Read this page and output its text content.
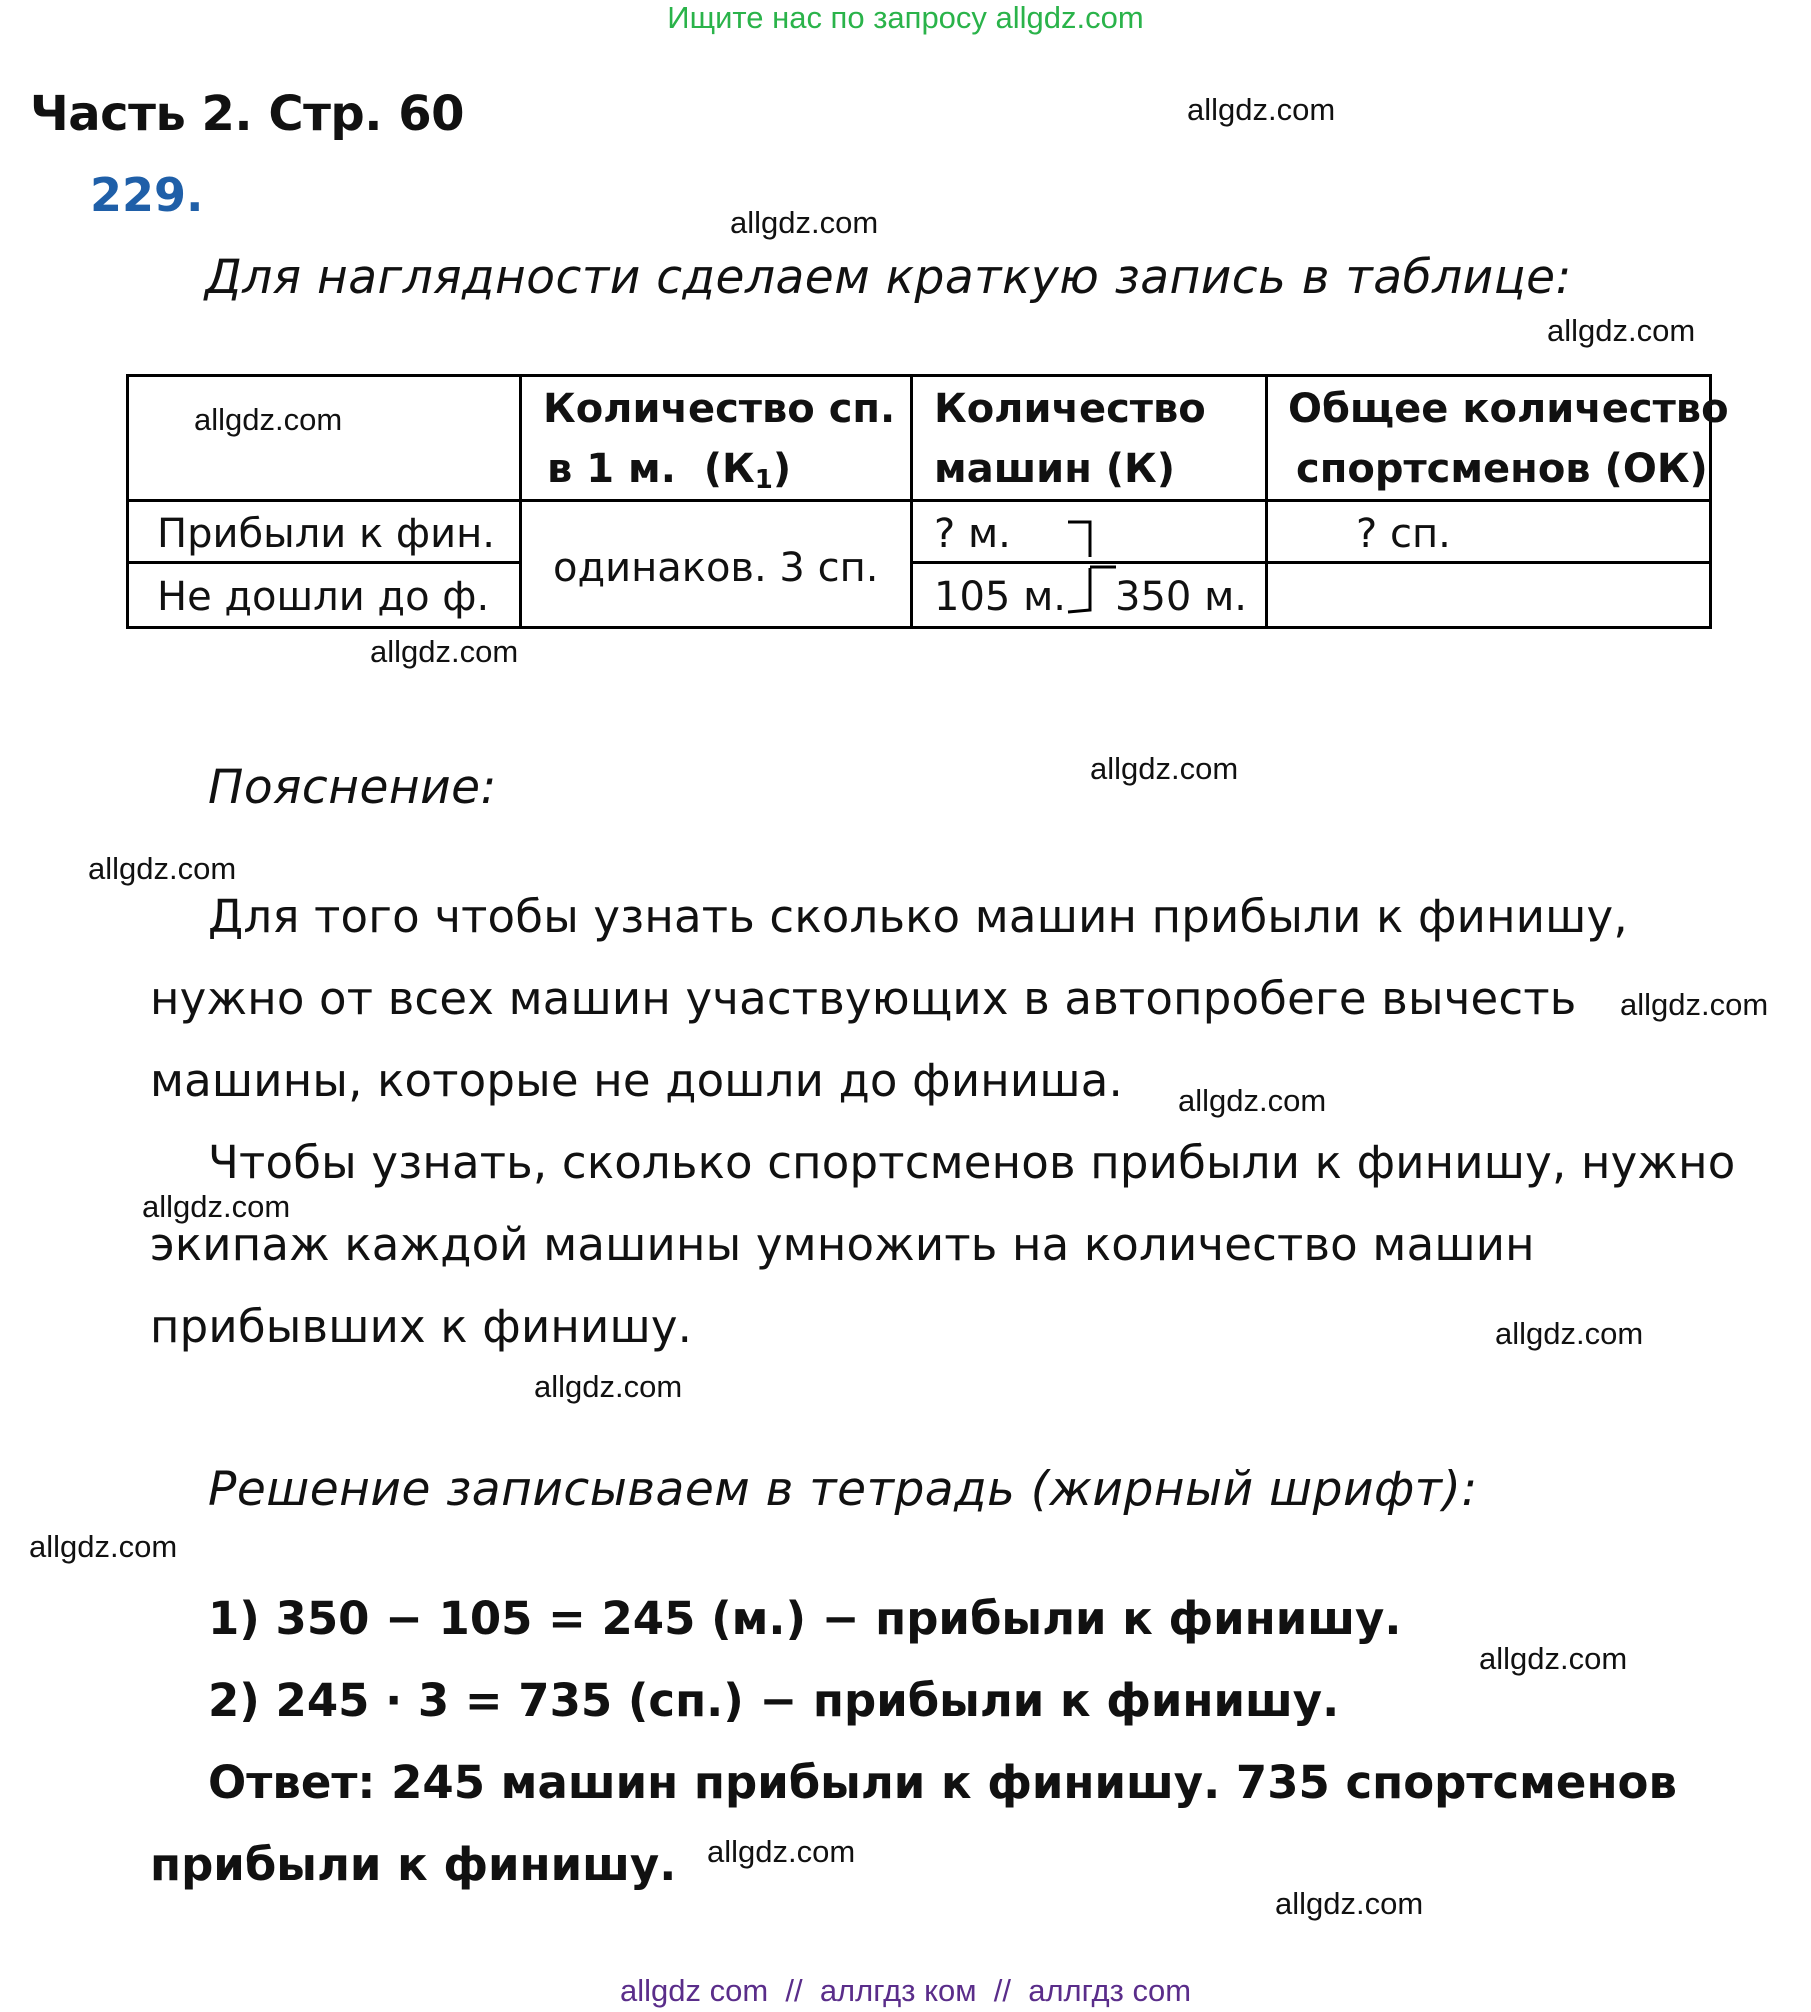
Ищите нас по запросу allgdz.com
Часть 2. Стр. 60
229.
Для наглядности сделаем краткую запись в таблице:
Количество сп.
в 1 м. (К1)
Количество
машин (К)
Общее количество
спортсменов (ОК)
Прибыли к фин.
Не дошли до ф.
одинаков. 3 сп.
? м.
105 м. 350 м.
? сп.
Пояснение:
Для того чтобы узнать сколько машин прибыли к финишу,
нужно от всех машин участвующих в автопробеге вычесть
машины, которые не дошли до финиша.
Чтобы узнать, сколько спортсменов прибыли к финишу, нужно
экипаж каждой машины умножить на количество машин
прибывших к финишу.
Решение записываем в тетрадь (жирный шрифт):
1) 350 − 105 = 245 (м.) − прибыли к финишу.
2) 245 · 3 = 735 (сп.) − прибыли к финишу.
Ответ: 245 машин прибыли к финишу. 735 спортсменов
прибыли к финишу.
allgdz.com
allgdz.com
allgdz.com
allgdz.com
allgdz.com
allgdz.com
allgdz.com
allgdz.com
allgdz.com
allgdz.com
allgdz.com
allgdz.com
allgdz.com
allgdz.com
allgdz.com
allgdz.com
allgdz com  //  аллгдз ком  //  аллгдз com
